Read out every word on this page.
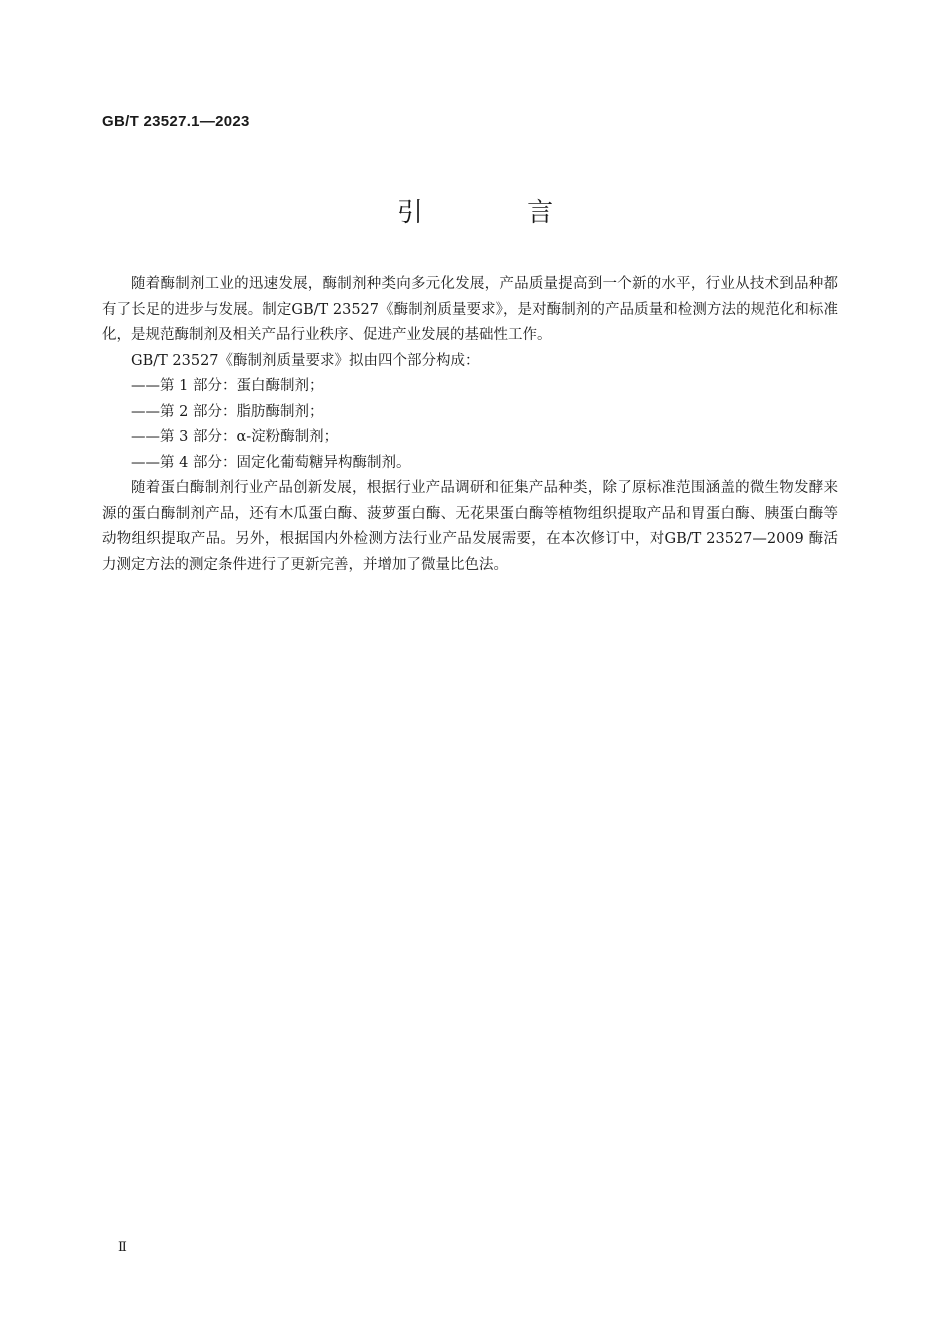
GB/T 23527.1—2023
引 言

随着酶制剂工业的迅速发展，酶制剂种类向多元化发展，产品质量提高到一个新的水平，行业从技术到品种都有了长足的进步与发展。制定GB/T 23527《酶制剂质量要求》，是对酶制剂的产品质量和检测方法的规范化和标准化，是规范酶制剂及相关产品行业秩序、促进产业发展的基础性工作。

GB/T 23527《酶制剂质量要求》拟由四个部分构成：

——第 1 部分：蛋白酶制剂；

——第 2 部分：脂肪酶制剂；

——第 3 部分：α-淀粉酶制剂；

——第 4 部分：固定化葡萄糖异构酶制剂。

随着蛋白酶制剂行业产品创新发展，根据行业产品调研和征集产品种类，除了原标准范围涵盖的微生物发酵来源的蛋白酶制剂产品，还有木瓜蛋白酶、菠萝蛋白酶、无花果蛋白酶等植物组织提取产品和胃蛋白酶、胰蛋白酶等动物组织提取产品。另外，根据国内外检测方法行业产品发展需要，在本次修订中，对GB/T 23527—2009 酶活力测定方法的测定条件进行了更新完善，并增加了微量比色法。

Ⅱ
